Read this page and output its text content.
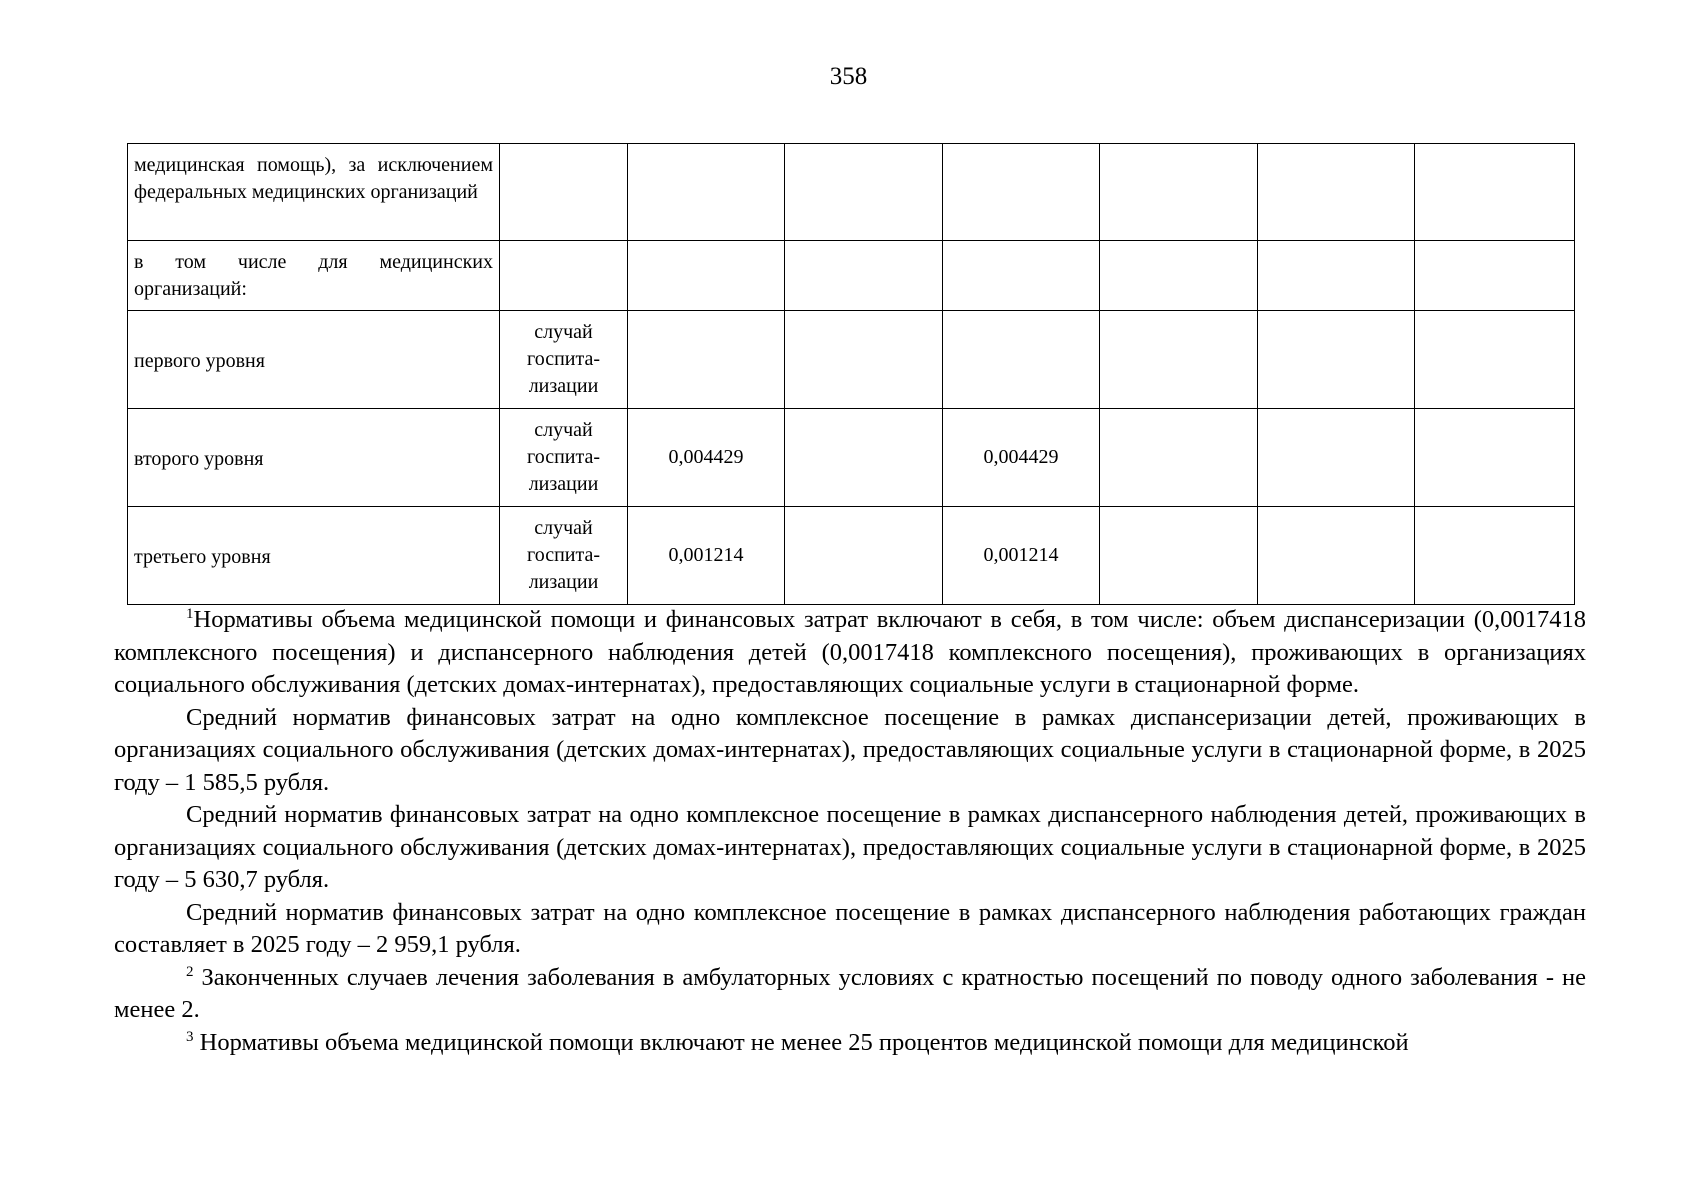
358
медицинская помощь), за исключением федеральных медицинских организаций							
в том числе для медицинских организаций:							
первого уровня	случай госпита-лизации						
второго уровня	случай госпита-лизации	0,004429		0,004429			
третьего уровня	случай госпита-лизации	0,001214		0,001214			

$^1$Нормативы объема медицинской помощи и финансовых затрат включают в себя, в том числе: объем диспансеризации (0,0017418 комплексного посещения) и диспансерного наблюдения детей (0,0017418 комплексного посещения), проживающих в организациях социального обслуживания (детских домах-интернатах), предоставляющих социальные услуги в стационарной форме.

Средний норматив финансовых затрат на одно комплексное посещение в рамках диспансеризации детей, проживающих в организациях социального обслуживания (детских домах-интернатах), предоставляющих социальные услуги в стационарной форме, в 2025 году – 1 585,5 рубля.

Средний норматив финансовых затрат на одно комплексное посещение в рамках диспансерного наблюдения детей, проживающих в организациях социального обслуживания (детских домах-интернатах), предоставляющих социальные услуги в стационарной форме, в 2025 году – 5 630,7 рубля.

Средний норматив финансовых затрат на одно комплексное посещение в рамках диспансерного наблюдения работающих граждан составляет в 2025 году – 2 959,1 рубля.

$^2$ Законченных случаев лечения заболевания в амбулаторных условиях с кратностью посещений по поводу одного заболевания - не менее 2.

$^3$ Нормативы объема медицинской помощи включают не менее 25 процентов медицинской помощи для медицинской
